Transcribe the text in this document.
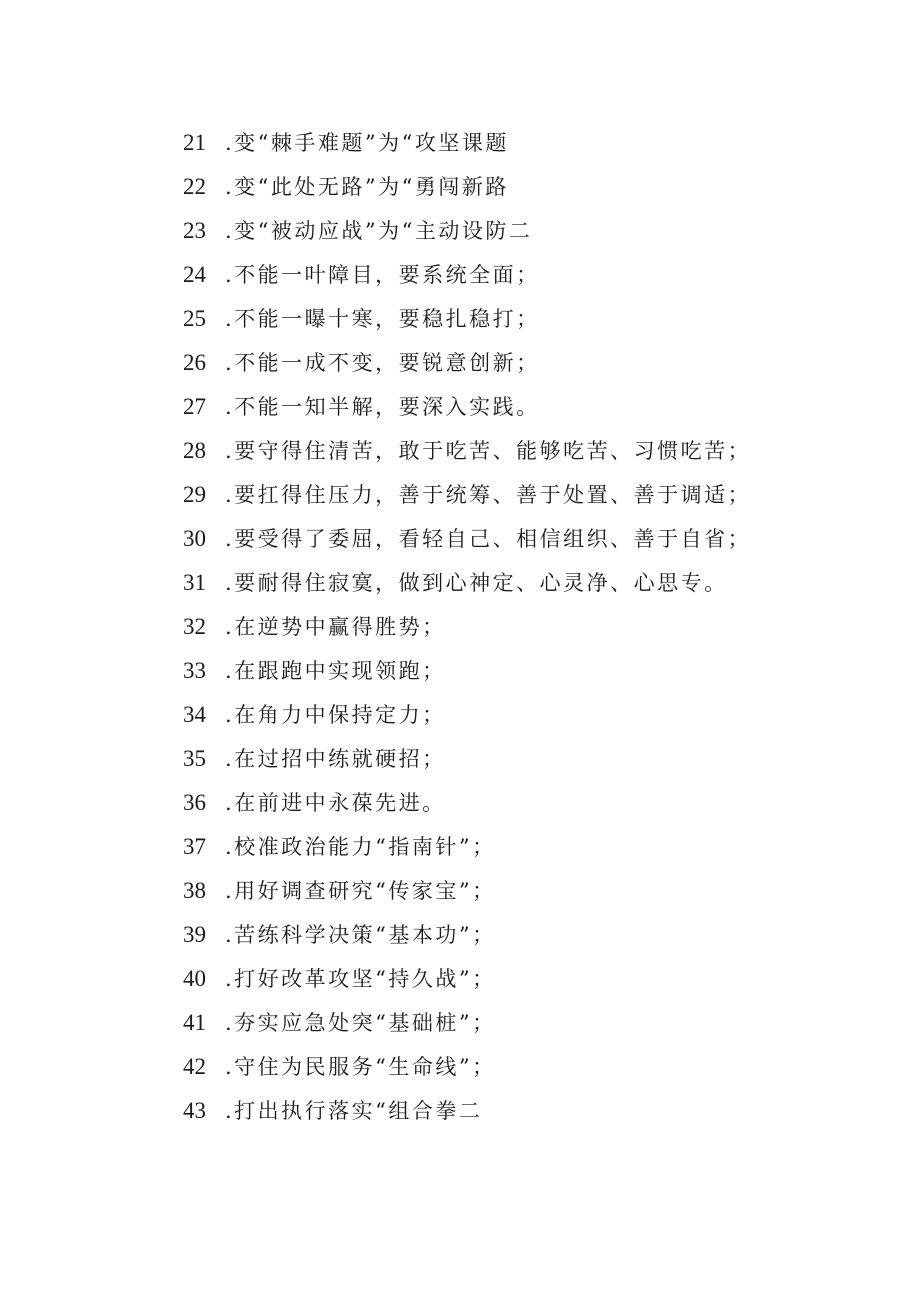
21 .变“棘手难题”为“攻坚课题
22 .变“此处无路”为“勇闯新路
23 .变“被动应战”为“主动设防二
24 .不能一叶障目，要系统全面；
25 .不能一曝十寒，要稳扎稳打；
26 .不能一成不变，要锐意创新；
27 .不能一知半解，要深入实践。
28 .要守得住清苦，敢于吃苦、能够吃苦、习惯吃苦；
29 .要扛得住压力，善于统筹、善于处置、善于调适；
30 .要受得了委屈，看轻自己、相信组织、善于自省；
31 .要耐得住寂寞，做到心神定、心灵净、心思专。
32 .在逆势中赢得胜势；
33 .在跟跑中实现领跑；
34 .在角力中保持定力；
35 .在过招中练就硬招；
36 .在前进中永葆先进。
37 .校准政治能力“指南针”；
38 .用好调查研究“传家宝”；
39 .苦练科学决策“基本功”；
40 .打好改革攻坚“持久战”；
41 .夯实应急处突“基础桩”；
42 .守住为民服务“生命线”；
43 .打出执行落实“组合拳二
